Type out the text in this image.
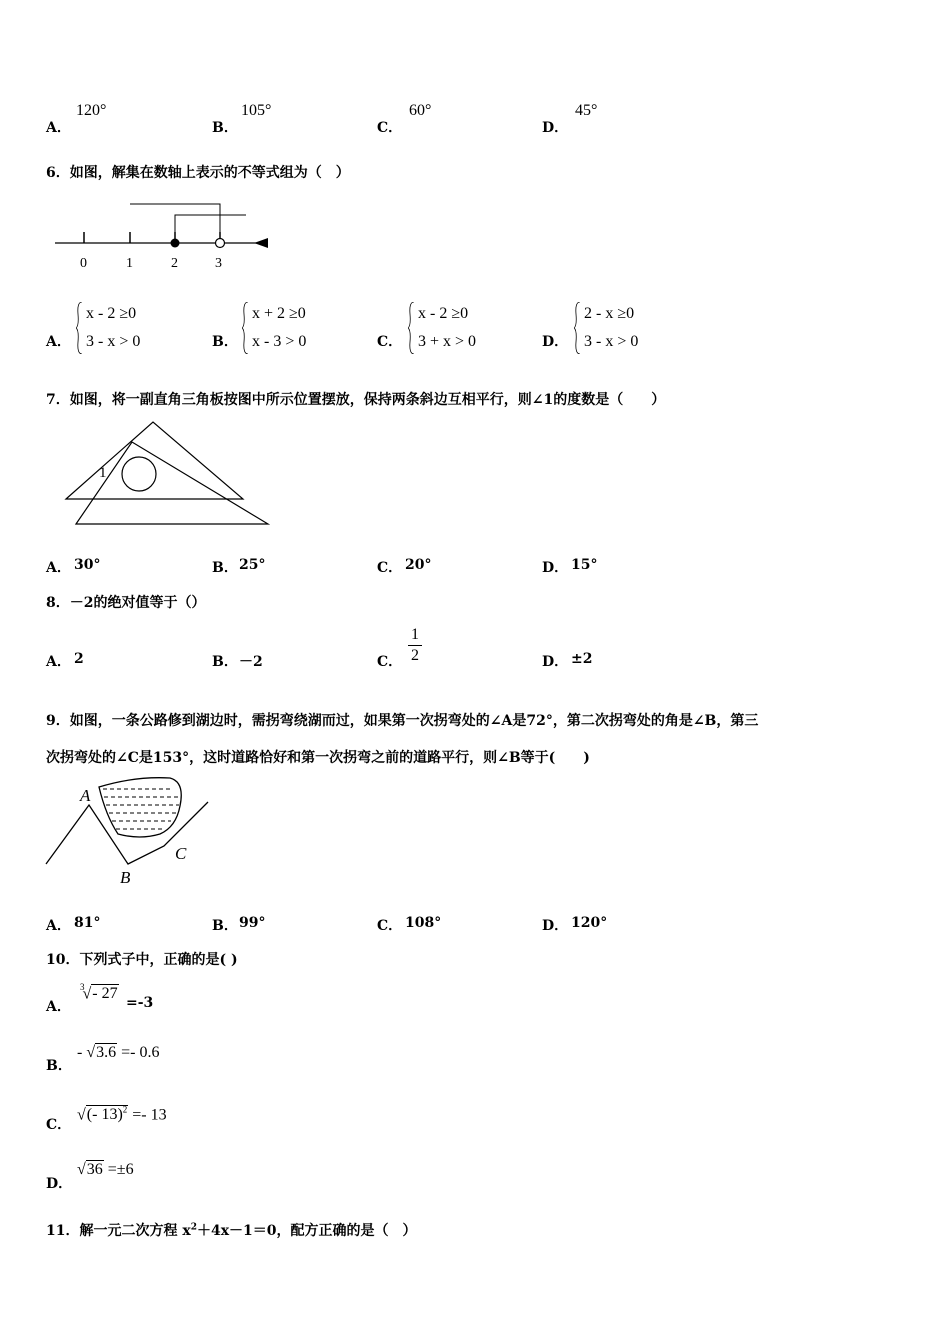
A．
120°
B．
105°
C．
60°
D．
45°
6．如图，解集在数轴上表示的不等式组为（　）
0	1	2	3
A．
x - 2 ≥0
3 - x > 0	B．
x + 2 ≥0
x - 3 > 0	C．
x - 2 ≥0
3 + x > 0	D．
2 - x ≥0
3 - x > 0
7．如图，将一副直角三角板按图中所示位置摆放，保持两条斜边互相平行，则∠1的度数是（　　）
1
A． 30°	B． 25°	C． 20°	D． 15°
8．－2的绝对值等于（）
A． 2	B． －2	C． $\frac{1}{2}$	D． ±2
9．如图，一条公路修到湖边时，需拐弯绕湖而过，如果第一次拐弯处的∠A是72°，第二次拐弯处的角是∠B，第三
次拐弯处的∠C是153°，这时道路恰好和第一次拐弯之前的道路平行，则∠B等于(　　)
A
B
C
A． 81°	B． 99°	C． 108°	D． 120°
10．下列式子中，正确的是( )
A．
$^3$√- 27
=-3
B．
- √3.6 =- 0.6
C．
√(- 13)$^2$ =- 13
D．
√36 =±6
11．解一元二次方程 $x^2+4x-1=0$，配方正确的是（　）
